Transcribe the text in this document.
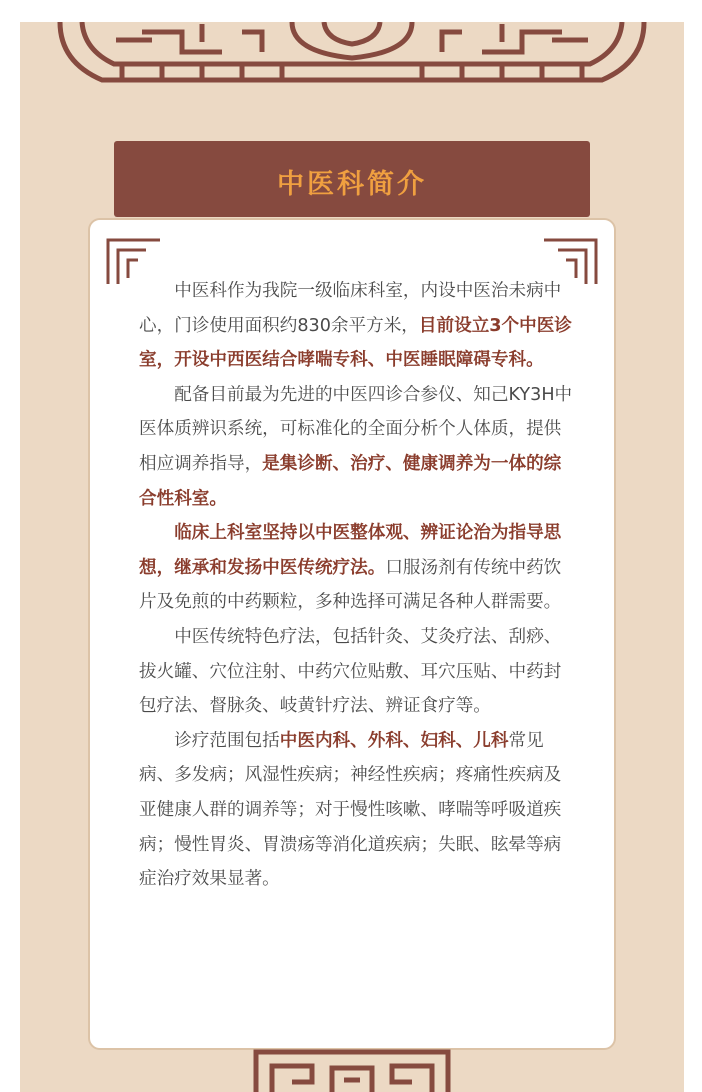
中医科简介

中医科作为我院一级临床科室，内设中医治未病中心，门诊使用面积约830余平方米，目前设立3个中医诊室，开设中西医结合哮喘专科、中医睡眠障碍专科。

配备目前最为先进的中医四诊合参仪、知己KY3H中医体质辨识系统，可标准化的全面分析个人体质，提供相应调养指导，是集诊断、治疗、健康调养为一体的综合性科室。

临床上科室坚持以中医整体观、辨证论治为指导思想，继承和发扬中医传统疗法。口服汤剂有传统中药饮片及免煎的中药颗粒，多种选择可满足各种人群需要。

中医传统特色疗法，包括针灸、艾灸疗法、刮痧、拔火罐、穴位注射、中药穴位贴敷、耳穴压贴、中药封包疗法、督脉灸、岐黄针疗法、辨证食疗等。

诊疗范围包括中医内科、外科、妇科、儿科常见病、多发病；风湿性疾病；神经性疾病；疼痛性疾病及亚健康人群的调养等；对于慢性咳嗽、哮喘等呼吸道疾病；慢性胃炎、胃溃疡等消化道疾病；失眠、眩晕等病症治疗效果显著。
